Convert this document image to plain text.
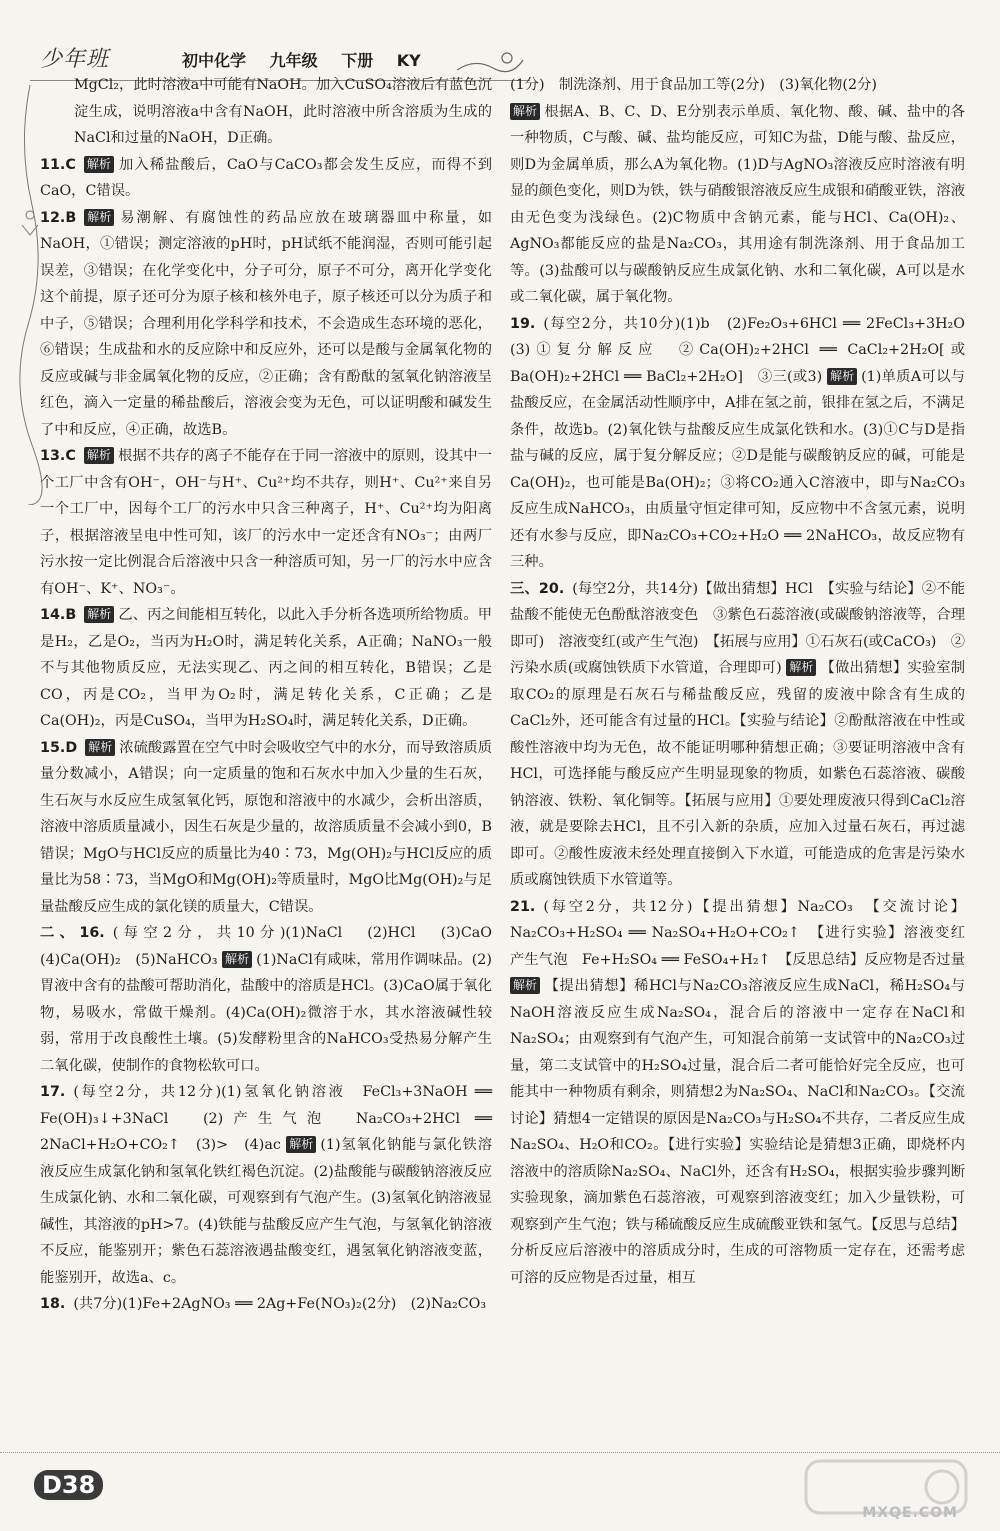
少年班	初中化学 九年级 下册 KY

MgCl₂，此时溶液a中可能有NaOH。加入CuSO₄溶液后有蓝色沉淀生成，说明溶液a中含有NaOH，此时溶液中所含溶质为生成的NaCl和过量的NaOH，D正确。

11.C 解析 加入稀盐酸后，CaO与CaCO₃都会发生反应，而得不到CaO，C错误。

12.B 解析 易潮解、有腐蚀性的药品应放在玻璃器皿中称量，如NaOH，①错误；测定溶液的pH时，pH试纸不能润湿，否则可能引起误差，③错误；在化学变化中，分子可分，原子不可分，离开化学变化这个前提，原子还可分为原子核和核外电子，原子核还可以分为质子和中子，⑤错误；合理利用化学科学和技术，不会造成生态环境的恶化，⑥错误；生成盐和水的反应除中和反应外，还可以是酸与金属氧化物的反应或碱与非金属氧化物的反应，②正确；含有酚酞的氢氧化钠溶液呈红色，滴入一定量的稀盐酸后，溶液会变为无色，可以证明酸和碱发生了中和反应，④正确，故选B。

13.C 解析 根据不共存的离子不能存在于同一溶液中的原则，设其中一个工厂中含有OH⁻，OH⁻与H⁺、Cu²⁺均不共存，则H⁺、Cu²⁺来自另一个工厂中，因每个工厂的污水中只含三种离子，H⁺、Cu²⁺均为阳离子，根据溶液呈电中性可知，该厂的污水中一定还含有NO₃⁻；由两厂污水按一定比例混合后溶液中只含一种溶质可知，另一厂的污水中应含有OH⁻、K⁺、NO₃⁻。

14.B 解析 乙、丙之间能相互转化，以此入手分析各选项所给物质。甲是H₂，乙是O₂，当丙为H₂O时，满足转化关系，A正确；NaNO₃一般不与其他物质反应，无法实现乙、丙之间的相互转化，B错误；乙是CO，丙是CO₂，当甲为O₂时，满足转化关系，C正确；乙是Ca(OH)₂，丙是CuSO₄，当甲为H₂SO₄时，满足转化关系，D正确。

15.D 解析 浓硫酸露置在空气中时会吸收空气中的水分，而导致溶质质量分数减小，A错误；向一定质量的饱和石灰水中加入少量的生石灰，生石灰与水反应生成氢氧化钙，原饱和溶液中的水减少，会析出溶质，溶液中溶质质量减小，因生石灰是少量的，故溶质质量不会减小到0，B错误；MgO与HCl反应的质量比为40∶73，Mg(OH)₂与HCl反应的质量比为58∶73，当MgO和Mg(OH)₂等质量时，MgO比Mg(OH)₂与足量盐酸反应生成的氯化镁的质量大，C错误。

二、16. (每空2分，共10分)(1)NaCl　(2)HCl　(3)CaO　(4)Ca(OH)₂　(5)NaHCO₃ 解析 (1)NaCl有咸味，常用作调味品。(2)胃液中含有的盐酸可帮助消化，盐酸中的溶质是HCl。(3)CaO属于氧化物，易吸水，常做干燥剂。(4)Ca(OH)₂微溶于水，其水溶液碱性较弱，常用于改良酸性土壤。(5)发酵粉里含的NaHCO₃受热易分解产生二氧化碳，使制作的食物松软可口。

17. (每空2分，共12分)(1)氢氧化钠溶液　FeCl₃+3NaOH ══ Fe(OH)₃↓+3NaCl　(2)产生气泡　Na₂CO₃+2HCl ══ 2NaCl+H₂O+CO₂↑　(3)>　(4)ac 解析 (1)氢氧化钠能与氯化铁溶液反应生成氯化钠和氢氧化铁红褐色沉淀。(2)盐酸能与碳酸钠溶液反应生成氯化钠、水和二氧化碳，可观察到有气泡产生。(3)氢氧化钠溶液显碱性，其溶液的pH>7。(4)铁能与盐酸反应产生气泡，与氢氧化钠溶液不反应，能鉴别开；紫色石蕊溶液遇盐酸变红，遇氢氧化钠溶液变蓝，能鉴别开，故选a、c。

18. (共7分)(1)Fe+2AgNO₃ ══ 2Ag+Fe(NO₃)₂(2分)　(2)Na₂CO₃

(1分)　制洗涤剂、用于食品加工等(2分)　(3)氧化物(2分)

解析 根据A、B、C、D、E分别表示单质、氧化物、酸、碱、盐中的各一种物质，C与酸、碱、盐均能反应，可知C为盐，D能与酸、盐反应，则D为金属单质，那么A为氧化物。(1)D与AgNO₃溶液反应时溶液有明显的颜色变化，则D为铁，铁与硝酸银溶液反应生成银和硝酸亚铁，溶液由无色变为浅绿色。(2)C物质中含钠元素，能与HCl、Ca(OH)₂、AgNO₃都能反应的盐是Na₂CO₃，其用途有制洗涤剂、用于食品加工等。(3)盐酸可以与碳酸钠反应生成氯化钠、水和二氧化碳，A可以是水或二氧化碳，属于氧化物。

19. (每空2分，共10分)(1)b　(2)Fe₂O₃+6HCl ══ 2FeCl₃+3H₂O　(3)①复分解反应　②Ca(OH)₂+2HCl ══ CaCl₂+2H₂O[或Ba(OH)₂+2HCl ══ BaCl₂+2H₂O]　③三(或3) 解析 (1)单质A可以与盐酸反应，在金属活动性顺序中，A排在氢之前，银排在氢之后，不满足条件，故选b。(2)氧化铁与盐酸反应生成氯化铁和水。(3)①C与D是指盐与碱的反应，属于复分解反应；②D是能与碳酸钠反应的碱，可能是Ca(OH)₂，也可能是Ba(OH)₂；③将CO₂通入C溶液中，即与Na₂CO₃反应生成NaHCO₃，由质量守恒定律可知，反应物中不含氢元素，说明还有水参与反应，即Na₂CO₃+CO₂+H₂O ══ 2NaHCO₃，故反应物有三种。

三、20. (每空2分，共14分)【做出猜想】HCl　【实验与结论】②不能　盐酸不能使无色酚酞溶液变色　③紫色石蕊溶液(或碳酸钠溶液等，合理即可)　溶液变红(或产生气泡)　【拓展与应用】①石灰石(或CaCO₃)　②污染水质(或腐蚀铁质下水管道，合理即可) 解析 【做出猜想】实验室制取CO₂的原理是石灰石与稀盐酸反应，残留的废液中除含有生成的CaCl₂外，还可能含有过量的HCl。【实验与结论】②酚酞溶液在中性或酸性溶液中均为无色，故不能证明哪种猜想正确；③要证明溶液中含有HCl，可选择能与酸反应产生明显现象的物质，如紫色石蕊溶液、碳酸钠溶液、铁粉、氧化铜等。【拓展与应用】①要处理废液只得到CaCl₂溶液，就是要除去HCl，且不引入新的杂质，应加入过量石灰石，再过滤即可。②酸性废液未经处理直接倒入下水道，可能造成的危害是污染水质或腐蚀铁质下水管道等。

21. (每空2分，共12分)【提出猜想】Na₂CO₃　【交流讨论】Na₂CO₃+H₂SO₄ ══ Na₂SO₄+H₂O+CO₂↑　【进行实验】溶液变红　产生气泡　Fe+H₂SO₄ ══ FeSO₄+H₂↑　【反思总结】反应物是否过量 解析 【提出猜想】稀HCl与Na₂CO₃溶液反应生成NaCl，稀H₂SO₄与NaOH溶液反应生成Na₂SO₄，混合后的溶液中一定存在NaCl和Na₂SO₄；由观察到有气泡产生，可知混合前第一支试管中的Na₂CO₃过量，第二支试管中的H₂SO₄过量，混合后二者可能恰好完全反应，也可能其中一种物质有剩余，则猜想2为Na₂SO₄、NaCl和Na₂CO₃。【交流讨论】猜想4一定错误的原因是Na₂CO₃与H₂SO₄不共存，二者反应生成Na₂SO₄、H₂O和CO₂。【进行实验】实验结论是猜想3正确，即烧杯内溶液中的溶质除Na₂SO₄、NaCl外，还含有H₂SO₄，根据实验步骤判断实验现象，滴加紫色石蕊溶液，可观察到溶液变红；加入少量铁粉，可观察到产生气泡；铁与稀硫酸反应生成硫酸亚铁和氢气。【反思与总结】分析反应后溶液中的溶质成分时，生成的可溶物质一定存在，还需考虑可溶的反应物是否过量，相互

D38
MXQE.COM
